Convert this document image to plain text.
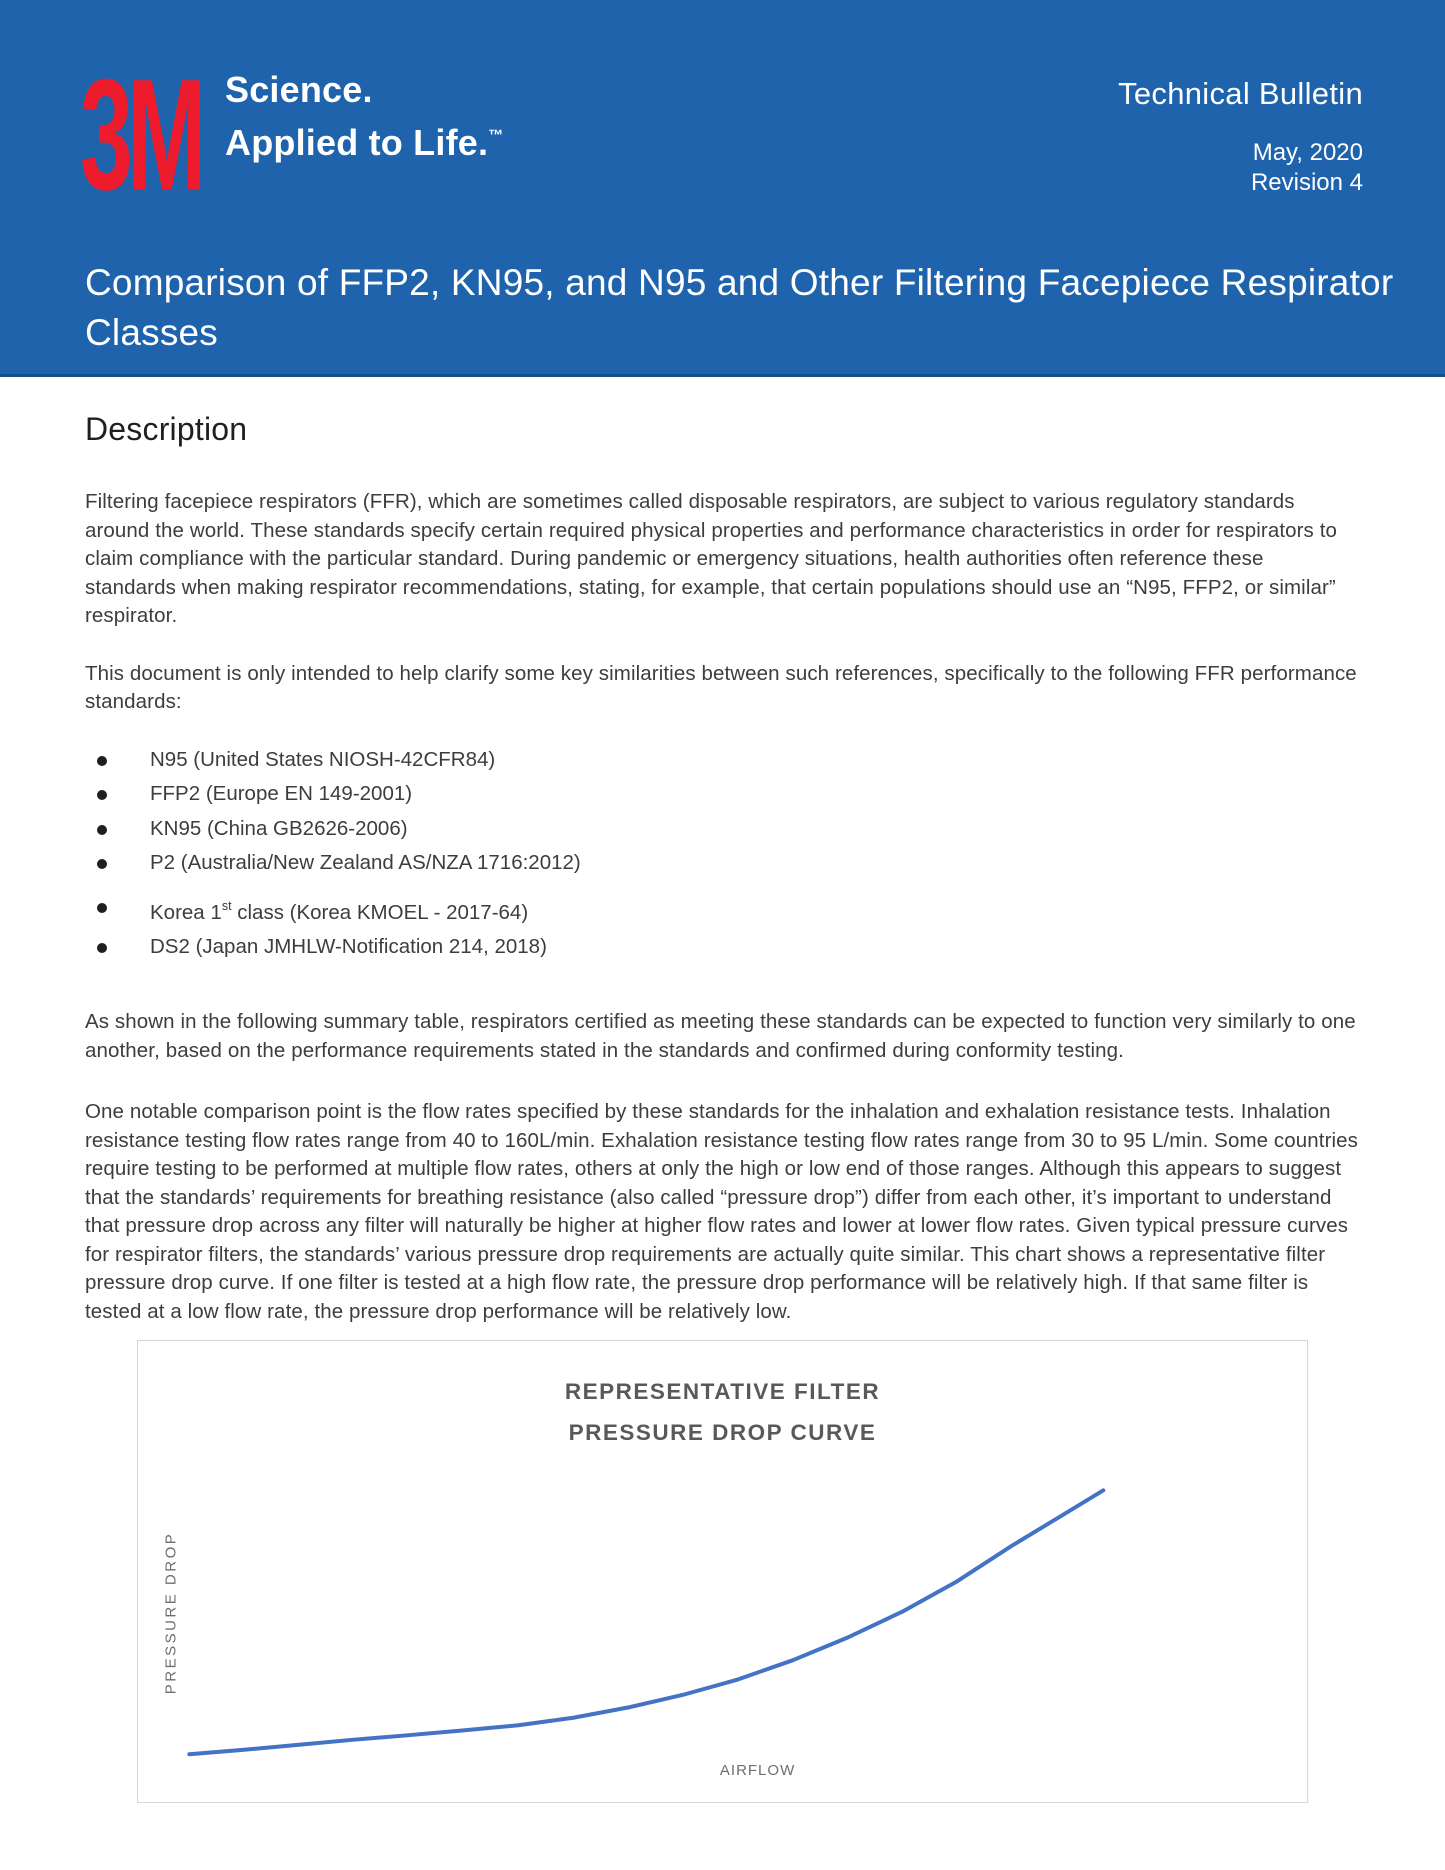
3M Science.
Applied to Life.™
Technical Bulletin
May, 2020
Revision 4
Comparison of FFP2, KN95, and N95 and Other Filtering Facepiece Respirator Classes
Description

Filtering facepiece respirators (FFR), which are sometimes called disposable respirators, are subject to various regulatory standards around the world. These standards specify certain required physical properties and performance characteristics in order for respirators to claim compliance with the particular standard. During pandemic or emergency situations, health authorities often reference these standards when making respirator recommendations, stating, for example, that certain populations should use an “N95, FFP2, or similar” respirator.

This document is only intended to help clarify some key similarities between such references, specifically to the following FFR performance standards:

N95 (United States NIOSH-42CFR84)
FFP2 (Europe EN 149-2001)
KN95 (China GB2626-2006)
P2 (Australia/New Zealand AS/NZA 1716:2012)
Korea 1st class (Korea KMOEL - 2017-64)
DS2 (Japan JMHLW-Notification 214, 2018)

As shown in the following summary table, respirators certified as meeting these standards can be expected to function very similarly to one another, based on the performance requirements stated in the standards and confirmed during conformity testing.

One notable comparison point is the flow rates specified by these standards for the inhalation and exhalation resistance tests. Inhalation resistance testing flow rates range from 40 to 160L/min. Exhalation resistance testing flow rates range from 30 to 95 L/min. Some countries require testing to be performed at multiple flow rates, others at only the high or low end of those ranges. Although this appears to suggest that the standards’ requirements for breathing resistance (also called “pressure drop”) differ from each other, it’s important to understand that pressure drop across any filter will naturally be higher at higher flow rates and lower at lower flow rates. Given typical pressure curves for respirator filters, the standards’ various pressure drop requirements are actually quite similar. This chart shows a representative filter pressure drop curve. If one filter is tested at a high flow rate, the pressure drop performance will be relatively high. If that same filter is tested at a low flow rate, the pressure drop performance will be relatively low.

REPRESENTATIVE FILTER
PRESSURE DROP CURVE
PRESSURE DROP
AIRFLOW
